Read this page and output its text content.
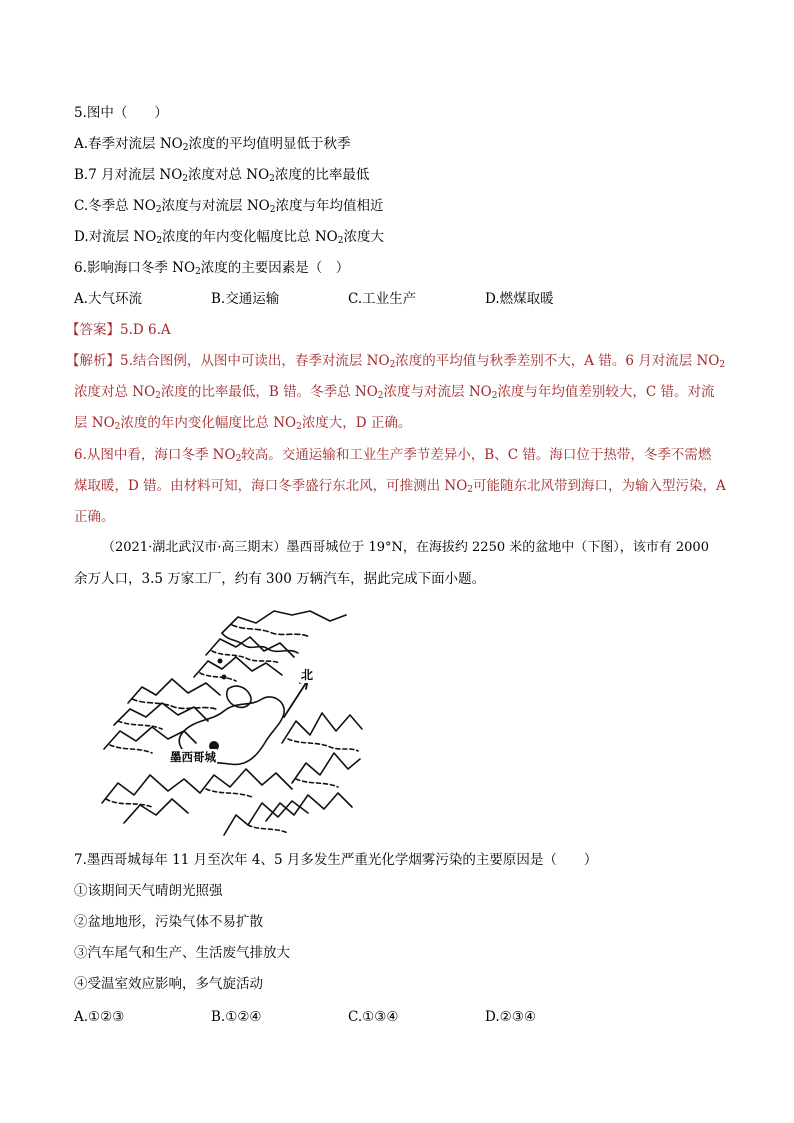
5.图中（　　）
A.春季对流层 $NO_2$浓度的平均值明显低于秋季
B.7 月对流层 $NO_2$浓度对总 $NO_2$浓度的比率最低
C.冬季总 $NO_2$浓度与对流层 $NO_2$浓度与年均值相近
D.对流层 $NO_2$浓度的年内变化幅度比总 $NO_2$浓度大
6.影响海口冬季 $NO_2$浓度的主要因素是（　）
A.大气环流	B.交通运输	C.工业生产	D.燃煤取暖
【答案】5.D 6.A
【解析】5.结合图例，从图中可读出，春季对流层 $NO_2$浓度的平均值与秋季差别不大，A 错。6 月对流层 $NO_2$
浓度对总 $NO_2$浓度的比率最低，B 错。冬季总 $NO_2$浓度与对流层 $NO_2$浓度与年均值差别较大，C 错。对流
层 $NO_2$浓度的年内变化幅度比总 $NO_2$浓度大，D 正确。
6.从图中看，海口冬季 $NO_2$较高。交通运输和工业生产季节差异小，B、C 错。海口位于热带，冬季不需燃
煤取暖，D 错。由材料可知，海口冬季盛行东北风，可推测出 $NO_2$可能随东北风带到海口，为输入型污染，A
正确。
（2021·湖北武汉市·高三期末）墨西哥城位于 19°N，在海拔约 2250 米的盆地中（下图），该市有 2000
余万人口，3.5 万家工厂，约有 300 万辆汽车，据此完成下面小题。
北
墨西哥城
7.墨西哥城每年 11 月至次年 4、5 月多发生严重光化学烟雾污染的主要原因是（　　）
①该期间天气晴朗光照强
②盆地地形，污染气体不易扩散
③汽车尾气和生产、生活废气排放大
④受温室效应影响，多气旋活动
A.①②③	B.①②④	C.①③④	D.②③④
